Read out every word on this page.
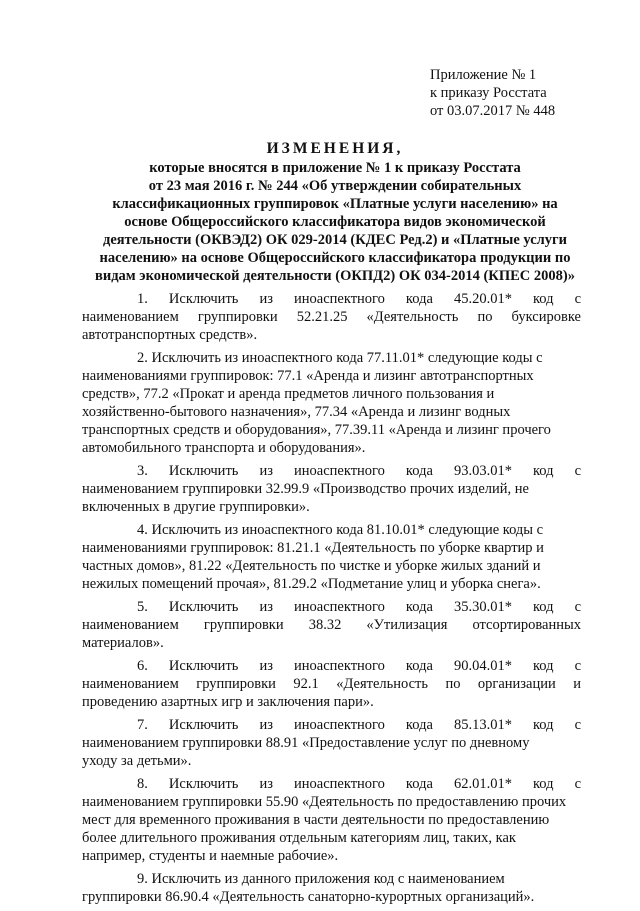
Приложение № 1
к приказу Росстата
от 03.07.2017 № 448
ИЗМЕНЕНИЯ,
которые вносятся в приложение № 1 к приказу Росстата
от 23 мая 2016 г. № 244 «Об утверждении собирательных
классификационных группировок «Платные услуги населению» на
основе Общероссийского классификатора видов экономической
деятельности (ОКВЭД2) ОК 029-2014 (КДЕС Ред.2) и «Платные услуги
населению» на основе Общероссийского классификатора продукции по
видам экономической деятельности (ОКПД2) ОК 034-2014 (КПЕС 2008)»
1. Исключить из иноаспектного кода 45.20.01* код с
наименованием группировки 52.21.25 «Деятельность по буксировке
автотранспортных средств».
2. Исключить из иноаспектного кода 77.11.01* следующие коды с
наименованиями группировок: 77.1 «Аренда и лизинг автотранспортных
средств», 77.2 «Прокат и аренда предметов личного пользования и
хозяйственно-бытового назначения», 77.34 «Аренда и лизинг водных
транспортных средств и оборудования», 77.39.11 «Аренда и лизинг прочего
автомобильного транспорта и оборудования».
3. Исключить из иноаспектного кода 93.03.01* код с
наименованием группировки 32.99.9 «Производство прочих изделий, не
включенных в другие группировки».
4. Исключить из иноаспектного кода 81.10.01* следующие коды с
наименованиями группировок: 81.21.1 «Деятельность по уборке квартир и
частных домов», 81.22 «Деятельность по чистке и уборке жилых зданий и
нежилых помещений прочая», 81.29.2 «Подметание улиц и уборка снега».
5. Исключить из иноаспектного кода 35.30.01* код с
наименованием группировки 38.32 «Утилизация отсортированных
материалов».
6. Исключить из иноаспектного кода 90.04.01* код с
наименованием группировки 92.1 «Деятельность по организации и
проведению азартных игр и заключения пари».
7. Исключить из иноаспектного кода 85.13.01* код с
наименованием группировки 88.91 «Предоставление услуг по дневному
уходу за детьми».
8. Исключить из иноаспектного кода 62.01.01* код с
наименованием группировки 55.90 «Деятельность по предоставлению прочих
мест для временного проживания в части деятельности по предоставлению
более длительного проживания отдельным категориям лиц, таких, как
например, студенты и наемные рабочие».
9. Исключить из данного приложения код с наименованием
группировки 86.90.4 «Деятельность санаторно-курортных организаций».
